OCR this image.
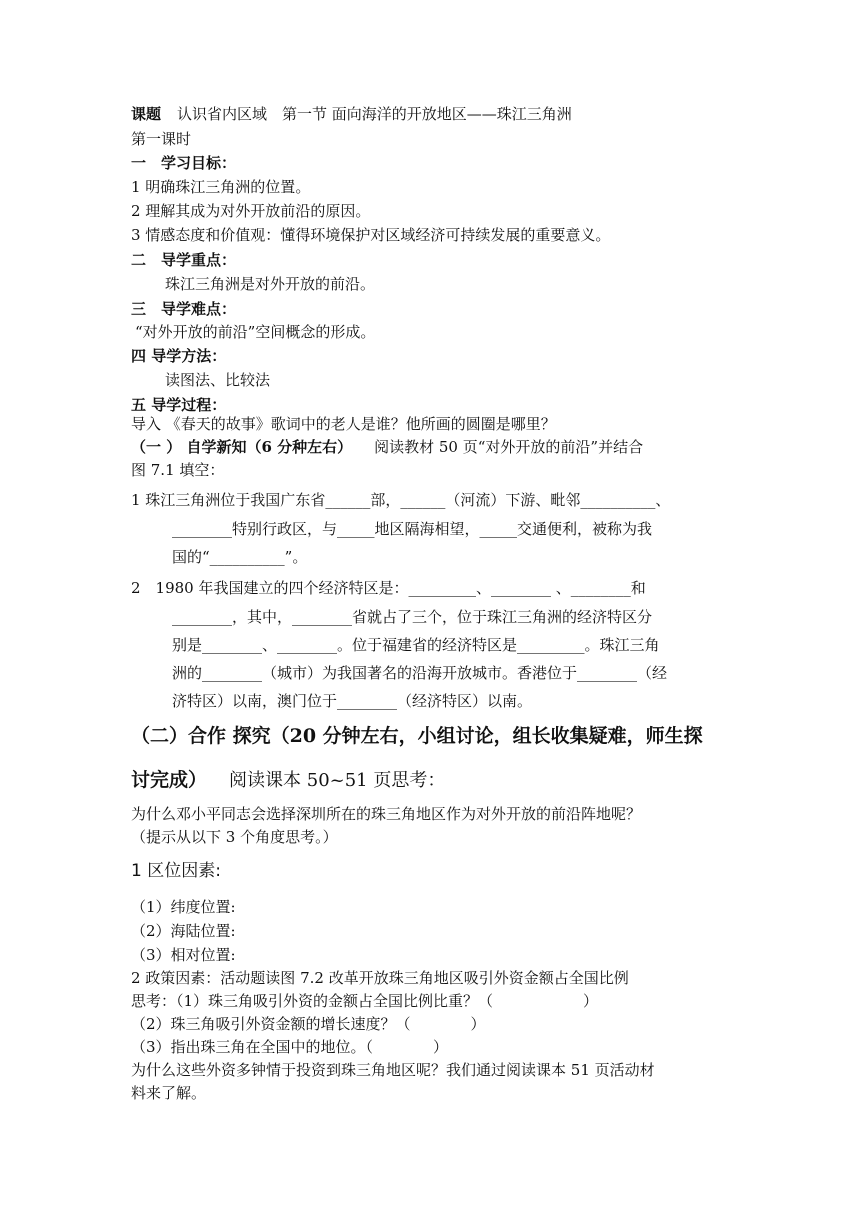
课题 认识省内区域　第一节 面向海洋的开放地区——珠江三角洲
第一课时
一　学习目标：
1 明确珠江三角洲的位置。
2 理解其成为对外开放前沿的原因。
3 情感态度和价值观：懂得环境保护对区域经济可持续发展的重要意义。
二　导学重点：
珠江三角洲是对外开放的前沿。
三　导学难点：
“对外开放的前沿”空间概念的形成。
四 导学方法：
读图法、比较法
五 导学过程：
导入 《春天的故事》歌词中的老人是谁？他所画的圆圈是哪里？
（一 ） 自学新知（6 分种左右） 阅读教材 50 页“对外开放的前沿”并结合
图 7.1 填空：
1 珠江三角洲位于我国广东省______部，______（河流）下游、毗邻__________、
________特别行政区，与_____地区隔海相望，_____交通便利，被称为我
国的“__________”。
2　1980 年我国建立的四个经济特区是：_________、________ 、________和
________，其中，________省就占了三个，位于珠江三角洲的经济特区分
别是________、________。位于福建省的经济特区是_________。珠江三角
洲的________（城市）为我国著名的沿海开放城市。香港位于________（经
济特区）以南，澳门位于________（经济特区）以南。
（二）合作 探究（20 分钟左右，小组讨论，组长收集疑难，师生探
讨完成） 阅读课本 50~51 页思考：
为什么邓小平同志会选择深圳所在的珠三角地区作为对外开放的前沿阵地呢？
（提示从以下 3 个角度思考。）
1 区位因素:
（1）纬度位置:
（2）海陆位置:
（3）相对位置:
2 政策因素：活动题读图 7.2 改革开放珠三角地区吸引外资金额占全国比例
思考：（1）珠三角吸引外资的金额占全国比例比重？（　　　　　　）
（2）珠三角吸引外资金额的增长速度？（　　　　）
（3）指出珠三角在全国中的地位。（　　　　）
为什么这些外资多钟情于投资到珠三角地区呢？我们通过阅读课本 51 页活动材
料来了解。
